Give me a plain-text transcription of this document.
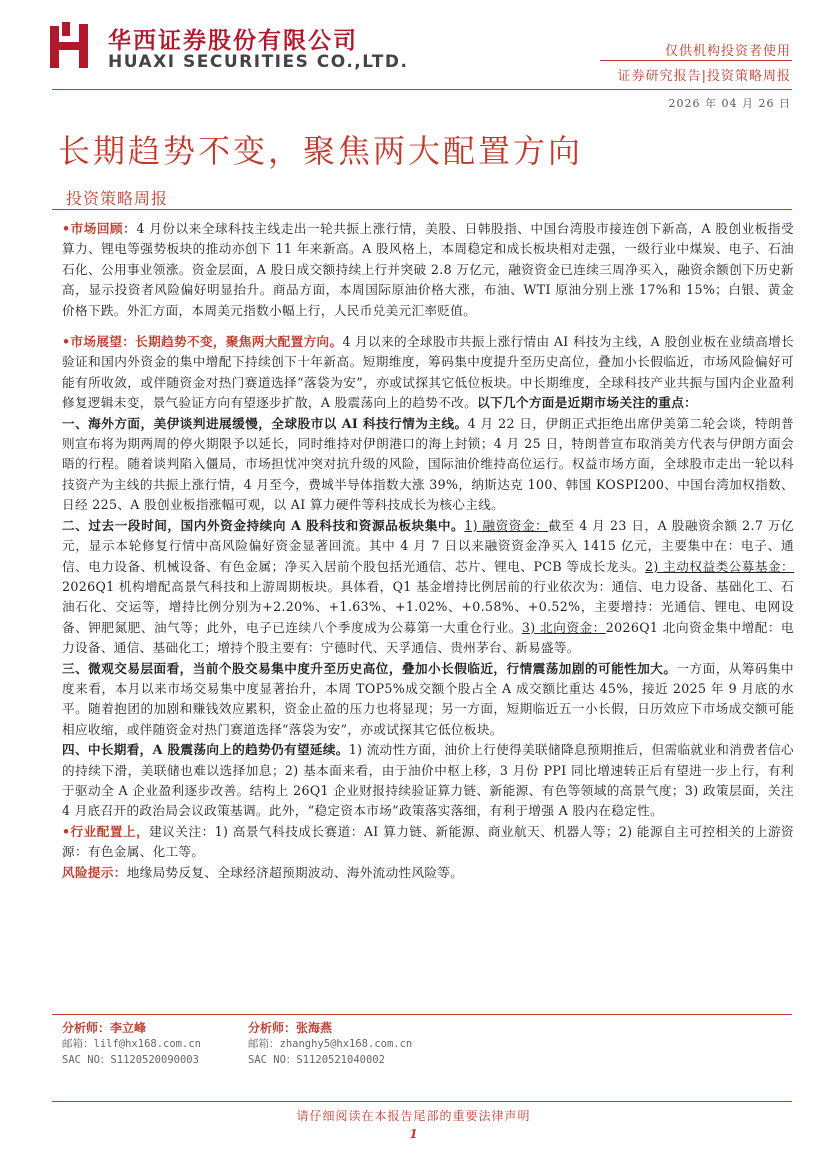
华西证券股份有限公司
HUAXI SECURITIES CO.,LTD.
仅供机构投资者使用
证券研究报告|投资策略周报
2026 年 04 月 26 日
长期趋势不变，聚焦两大配置方向
投资策略周报

•市场回顾：4 月份以来全球科技主线走出一轮共振上涨行情，美股、日韩股指、中国台湾股市接连创下新高，A 股创业板指受算力、锂电等强势板块的推动亦创下 11 年来新高。A 股风格上，本周稳定和成长板块相对走强，一级行业中煤炭、电子、石油石化、公用事业领涨。资金层面，A 股日成交额持续上行并突破 2.8 万亿元，融资资金已连续三周净买入，融资余额创下历史新高，显示投资者风险偏好明显抬升。商品方面，本周国际原油价格大涨，布油、WTI 原油分别上涨 17%和 15%；白银、黄金价格下跌。外汇方面，本周美元指数小幅上行，人民币兑美元汇率贬值。

•市场展望：长期趋势不变，聚焦两大配置方向。4 月以来的全球股市共振上涨行情由 AI 科技为主线，A 股创业板在业绩高增长验证和国内外资金的集中增配下持续创下十年新高。短期维度，筹码集中度提升至历史高位，叠加小长假临近，市场风险偏好可能有所收敛，或伴随资金对热门赛道选择“落袋为安”，亦或试探其它低位板块。中长期维度，全球科技产业共振与国内企业盈利修复逻辑未变，景气验证方向有望逐步扩散，A 股震荡向上的趋势不改。以下几个方面是近期市场关注的重点：

一、海外方面，美伊谈判进展缓慢，全球股市以 AI 科技行情为主线。4 月 22 日，伊朗正式拒绝出席伊美第二轮会谈，特朗普则宣布将为期两周的停火期限予以延长，同时维持对伊朗港口的海上封锁；4 月 25 日，特朗普宣布取消美方代表与伊朗方面会晤的行程。随着谈判陷入僵局，市场担忧冲突对抗升级的风险，国际油价维持高位运行。权益市场方面，全球股市走出一轮以科技资产为主线的共振上涨行情，4 月至今，费城半导体指数大涨 39%，纳斯达克 100、韩国 KOSPI200、中国台湾加权指数、日经 225、A 股创业板指涨幅可观，以 AI 算力硬件等科技成长为核心主线。

二、过去一段时间，国内外资金持续向 A 股科技和资源品板块集中。1) 融资资金：截至 4 月 23 日，A 股融资余额 2.7 万亿元，显示本轮修复行情中高风险偏好资金显著回流。其中 4 月 7 日以来融资资金净买入 1415 亿元，主要集中在：电子、通信、电力设备、机械设备、有色金属；净买入居前个股包括光通信、芯片、锂电、PCB 等成长龙头。2) 主动权益类公募基金：2026Q1 机构增配高景气科技和上游周期板块。具体看，Q1 基金增持比例居前的行业依次为：通信、电力设备、基础化工、石油石化、交运等，增持比例分别为+2.20%、+1.63%、+1.02%、+0.58%、+0.52%，主要增持：光通信、锂电、电网设备、钾肥氮肥、油气等；此外，电子已连续八个季度成为公募第一大重仓行业。3) 北向资金：2026Q1 北向资金集中增配：电力设备、通信、基础化工；增持个股主要有：宁德时代、天孚通信、贵州茅台、新易盛等。

三、微观交易层面看，当前个股交易集中度升至历史高位，叠加小长假临近，行情震荡加剧的可能性加大。一方面，从筹码集中度来看，本月以来市场交易集中度显著抬升，本周 TOP5%成交额个股占全 A 成交额比重达 45%，接近 2025 年 9 月底的水平。随着抱团的加剧和赚钱效应累积，资金止盈的压力也将显现；另一方面，短期临近五一小长假，日历效应下市场成交额可能相应收缩，或伴随资金对热门赛道选择“落袋为安”，亦或试探其它低位板块。

四、中长期看，A 股震荡向上的趋势仍有望延续。1) 流动性方面，油价上行使得美联储降息预期推后，但需临就业和消费者信心的持续下滑，美联储也难以选择加息；2) 基本面来看，由于油价中枢上移，3 月份 PPI 同比增速转正后有望进一步上行，有利于驱动全 A 企业盈利逐步改善。结构上 26Q1 企业财报持续验证算力链、新能源、有色等领域的高景气度；3) 政策层面，关注 4 月底召开的政治局会议政策基调。此外，“稳定资本市场”政策落实落细，有利于增强 A 股内在稳定性。

•行业配置上，建议关注：1) 高景气科技成长赛道：AI 算力链、新能源、商业航天、机器人等；2) 能源自主可控相关的上游资源：有色金属、化工等。

风险提示：地缘局势反复、全球经济超预期波动、海外流动性风险等。

分析师：李立峰
邮箱：lilf@hx168.com.cn
SAC NO：S1120520090003
分析师：张海燕
邮箱：zhanghy5@hx168.com.cn
SAC NO：S1120521040002
请仔细阅读在本报告尾部的重要法律声明
1
